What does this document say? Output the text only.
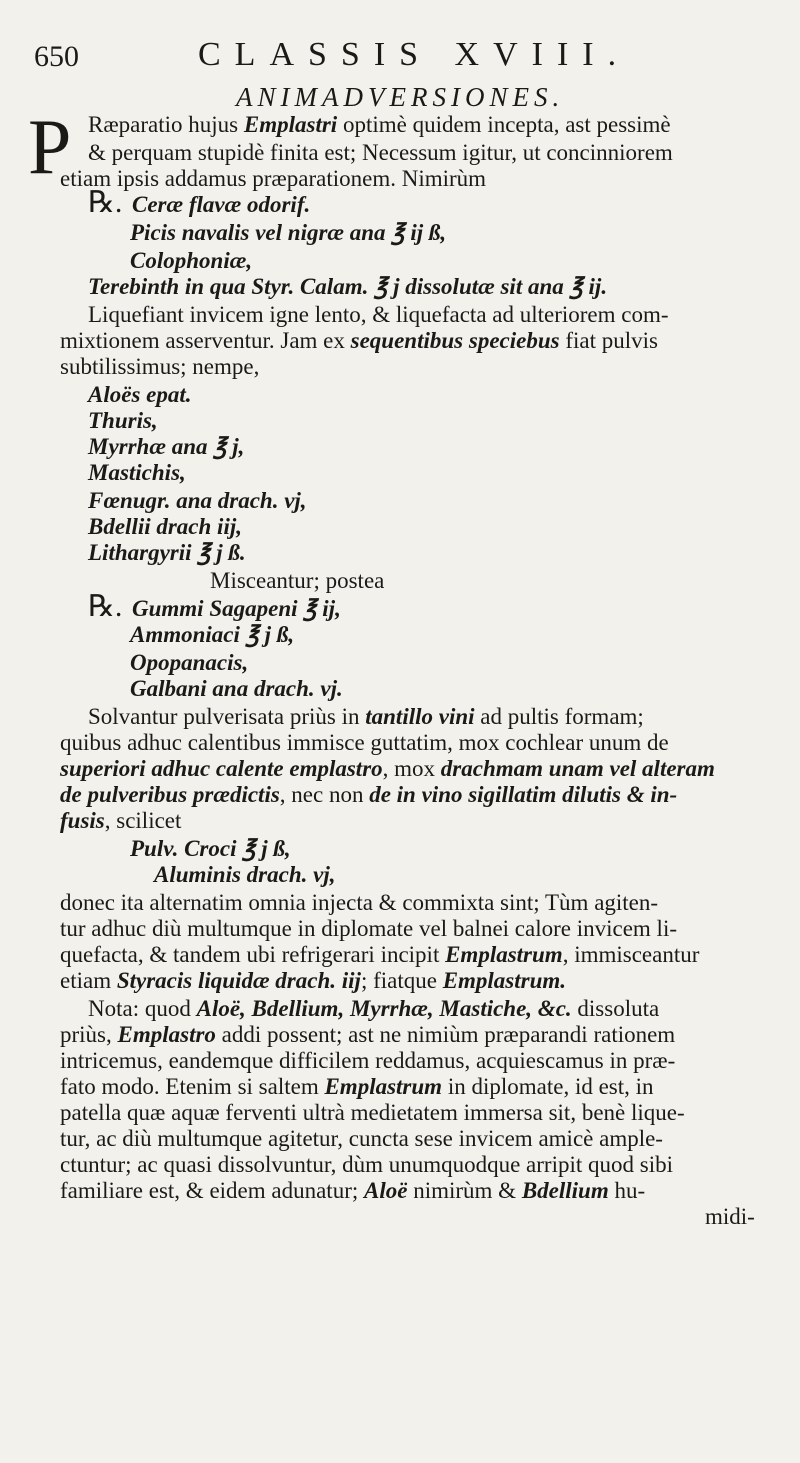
650	CLASSIS XVIII.
ANIMADVERSIONES.
P Ræparatio hujus Emplastri optimè quidem incepta, ast pessimè
& perquam stupidè finita est; Necessum igitur, ut concinniorem
etiam ipsis addamus præparationem. Nimirùm
℞. Ceræ flavæ odorif.
Picis navalis vel nigræ ana ℥ ij ß,
Colophoniæ,
Terebinth in qua Styr. Calam. ℥ j dissolutæ sit ana ℥ ij.
Liquefiant invicem igne lento, & liquefacta ad ulteriorem com-
mixtionem asserventur. Jam ex sequentibus speciebus fiat pulvis
subtilissimus; nempe,
Aloës epat.
Thuris,
Myrrhæ ana ℥ j,
Mastichis,
Fœnugr. ana drach. vj,
Bdellii drach iij,
Lithargyrii ℥ j ß.
Misceantur; postea
℞. Gummi Sagapeni ℥ ij,
Ammoniaci ℥ j ß,
Opopanacis,
Galbani ana drach. vj.
Solvantur pulverisata priùs in tantillo vini ad pultis formam;
quibus adhuc calentibus immisce guttatim, mox cochlear unum de
superiori adhuc calente emplastro, mox drachmam unam vel alteram
de pulveribus prædictis, nec non de in vino sigillatim dilutis & in-
fusis, scilicet
Pulv. Croci ℥ j ß,
Aluminis drach. vj,
donec ita alternatim omnia injecta & commixta sint; Tùm agiten-
tur adhuc diù multumque in diplomate vel balnei calore invicem li-
quefacta, & tandem ubi refrigerari incipit Emplastrum, immisceantur
etiam Styracis liquidæ drach. iij; fiatque Emplastrum.
Nota: quod Aloë, Bdellium, Myrrhæ, Mastiche, &c. dissoluta
priùs, Emplastro addi possent; ast ne nimiùm præparandi rationem
intricemus, eandemque difficilem reddamus, acquiescamus in præ-
fato modo. Etenim si saltem Emplastrum in diplomate, id est, in
patella quæ aquæ ferventi ultrà medietatem immersa sit, benè lique-
tur, ac diù multumque agitetur, cuncta sese invicem amicè ample-
ctuntur; ac quasi dissolvuntur, dùm unumquodque arripit quod sibi
familiare est, & eidem adunatur; Aloë nimirùm & Bdellium hu-
midi-
